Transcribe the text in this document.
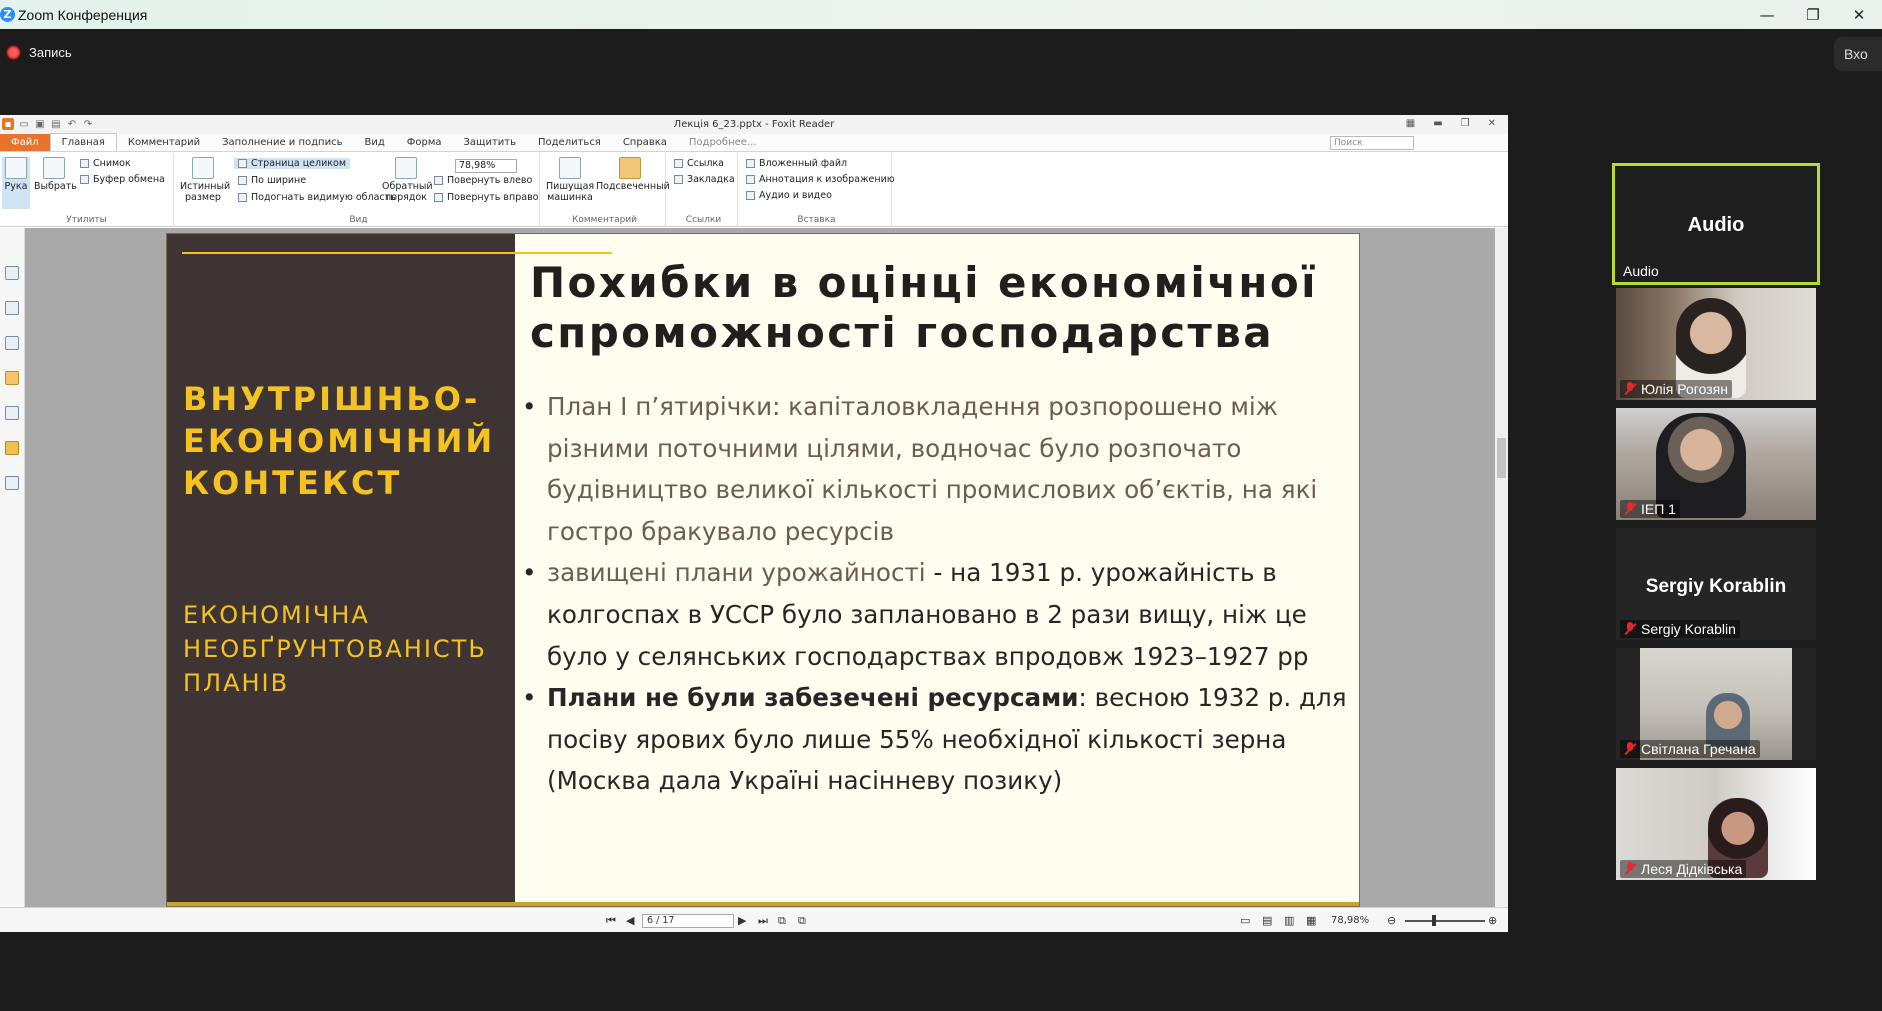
Z Zoom Конференция	—	❐	✕
Запись	Вхо
▪ ▭ ▣ ▤ ↶ ↷	Лекція 6_23.pptx - Foxit Reader	▦ ▬ ❐ ✕
Файл	Главная	Комментарий	Заполнение и подпись	Вид	Форма	Защитить	Поделиться	Справка	Подробнее...	Поиск
Рука Выбрать
Снимок
Буфер обмена
Утилиты
Истинный размер
Страница целиком
По ширине
Подогнать видимую область
Повернуть влево
Повернуть вправо
Обратный порядок
Вид
78,98%
Пишущая машинка
Подсвеченный
Комментарий
Ссылка
Закладка
Ссылки
Вложенный файл
Аннотация к изображению
Аудио и видео
Вставка
⏮ ◀	6 / 17	▶ ⏭ ⧉ ⧉	▭ ▤ ▥ ▦ 78,98% ⊖	⊕
ВНУТРІШНЬО-ЕКОНОМІЧНИЙ КОНТЕКСТ
ЕКОНОМІЧНА НЕОБҐРУНТОВАНІСТЬ ПЛАНІВ
Похибки в оцінці економічної спроможності господарства
• План І п’ятирічки: капіталовкладення розпорошено між різними поточними цілями, водночас було розпочато будівництво великої кількості промислових об’єктів, на які гостро бракувало ресурсів
• завищені плани урожайності - на 1931 р. урожайність в колгоспах в УССР було заплановано в 2 рази вищу, ніж це було у селянських господарствах впродовж 1923–1927 рр
• Плани не були забезечені ресурсами: весною 1932 р. для посіву ярових було лише 55% необхідної кількості зерна (Москва дала Україні насінневу позику)
Audio
Audio
Юлія Рогозян
ІЕП 1
Sergiy Korablin
Sergiy Korablin
Світлана Гречана
Леся Дідківська
